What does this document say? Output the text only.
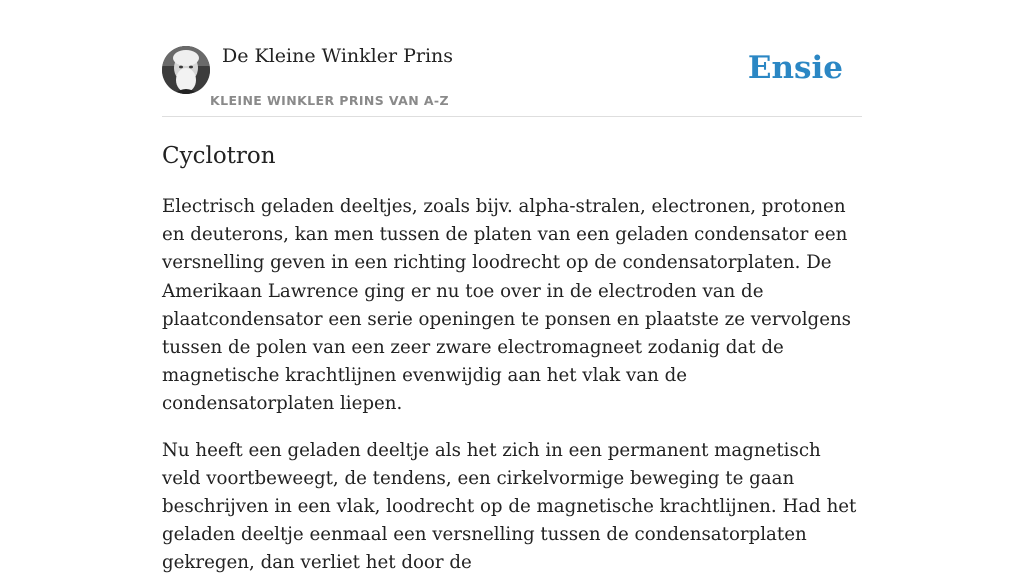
De Kleine Winkler Prins
KLEINE WINKLER PRINS VAN A-Z
Ensie
Cyclotron

Electrisch geladen deeltjes, zoals bijv. alpha-stralen, electronen, protonen en deuterons, kan men tussen de platen van een geladen condensator een versnelling geven in een richting loodrecht op de condensatorplaten. De Amerikaan Lawrence ging er nu toe over in de electroden van de plaatcondensator een serie openingen te ponsen en plaatste ze vervolgens tussen de polen van een zeer zware electromagneet zodanig dat de magnetische krachtlijnen evenwijdig aan het vlak van de condensatorplaten liepen.

Nu heeft een geladen deeltje als het zich in een permanent magnetisch veld voortbeweegt, de tendens, een cirkelvormige beweging te gaan beschrijven in een vlak, loodrecht op de magnetische krachtlijnen. Had het geladen deeltje eenmaal een versnelling tussen de condensatorplaten gekregen, dan verliet het door de
